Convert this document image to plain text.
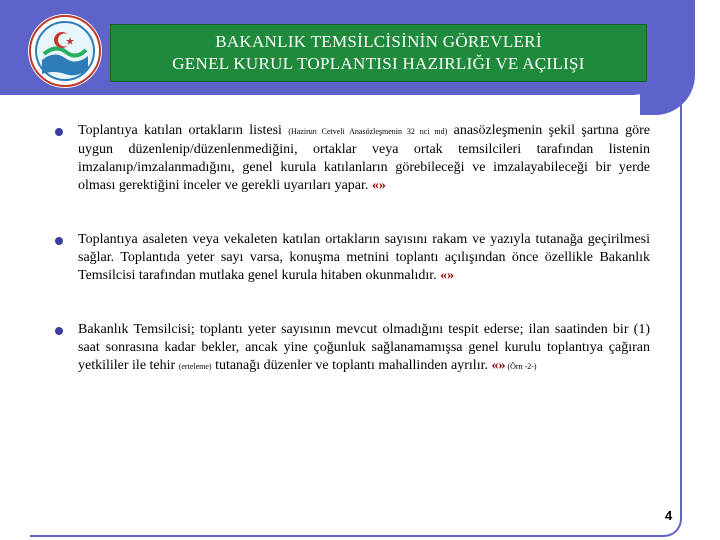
BAKANLIK TEMSİLCİSİNİN GÖREVLERİ
GENEL KURUL TOPLANTISI HAZIRLIĞI VE AÇILIŞI

Toplantıya katılan ortakların listesi (Hazirun Cetveli Anasözleşmenin 32 nci md) anasözleşmenin şekil şartına göre uygun düzenlenip/düzenlenmediğini, ortaklar veya ortak temsilcileri tarafından listenin imzalanıp/imzalanmadığını, genel kurula katılanların görebileceği ve imzalayabileceği bir yerde olması gerektiğini inceler ve gerekli uyarıları yapar. «»

Toplantıya asaleten veya vekaleten katılan ortakların sayısını rakam ve yazıyla tutanağa geçirilmesi sağlar. Toplantıda yeter sayı varsa, konuşma metnini toplantı açılışından önce özellikle Bakanlık Temsilcisi tarafından mutlaka genel kurula hitaben okunmalıdır. «»

Bakanlık Temsilcisi; toplantı yeter sayısının mevcut olmadığını tespit ederse; ilan saatinden bir (1) saat sonrasına kadar bekler, ancak yine çoğunluk sağlanamamışsa genel kurulu toplantıya çağıran yetkililer ile tehir (erteleme) tutanağı düzenler ve toplantı mahallinden ayrılır. «» (Örn -2-)

4
